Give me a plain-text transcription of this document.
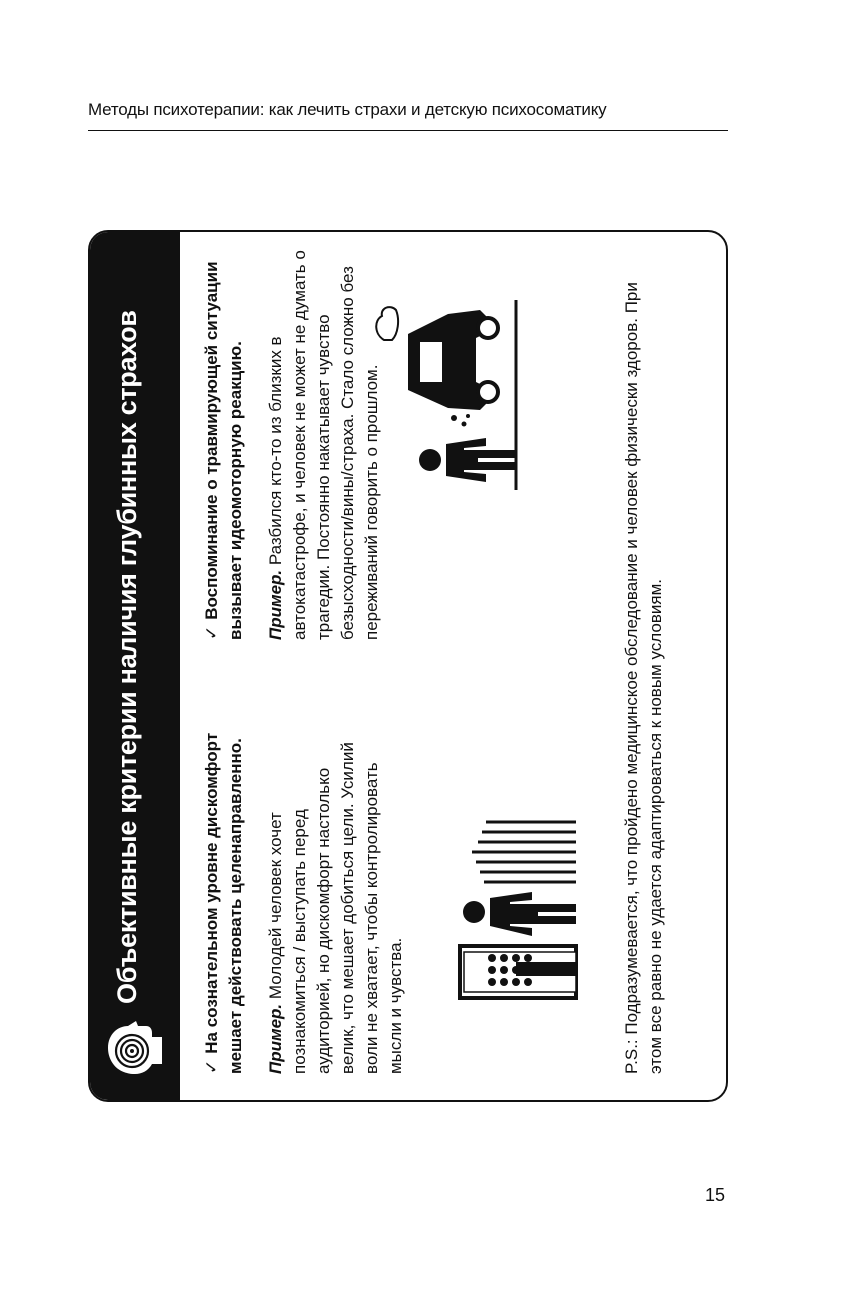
Методы психотерапии: как лечить страхи и детскую психосоматику
Объективные критерии наличия глубинных страхов

✓На сознательном уровне дискомфорт мешает действовать целенаправленно. Пример. Молодей человек хочет познакомиться / выступать перед аудиторией, но дискомфорт настолько велик, что мешает добиться цели. Усилий воли не хватает, чтобы контролировать мысли и чувства.

✓Воспоминание о травмирующей ситуации вызывает идеомоторную реакцию. Пример. Разбился кто-то из близких в автокатастрофе, и человек не может не думать о трагедии. Постоянно накатывает чувство безысходности/вины/страха. Стало сложно без переживаний говорить о прошлом.	P.S.: Подразумевается, что пройдено медицинское обследование и человек физически здоров. При этом все равно не удается адаптироваться к новым условиям.
15
